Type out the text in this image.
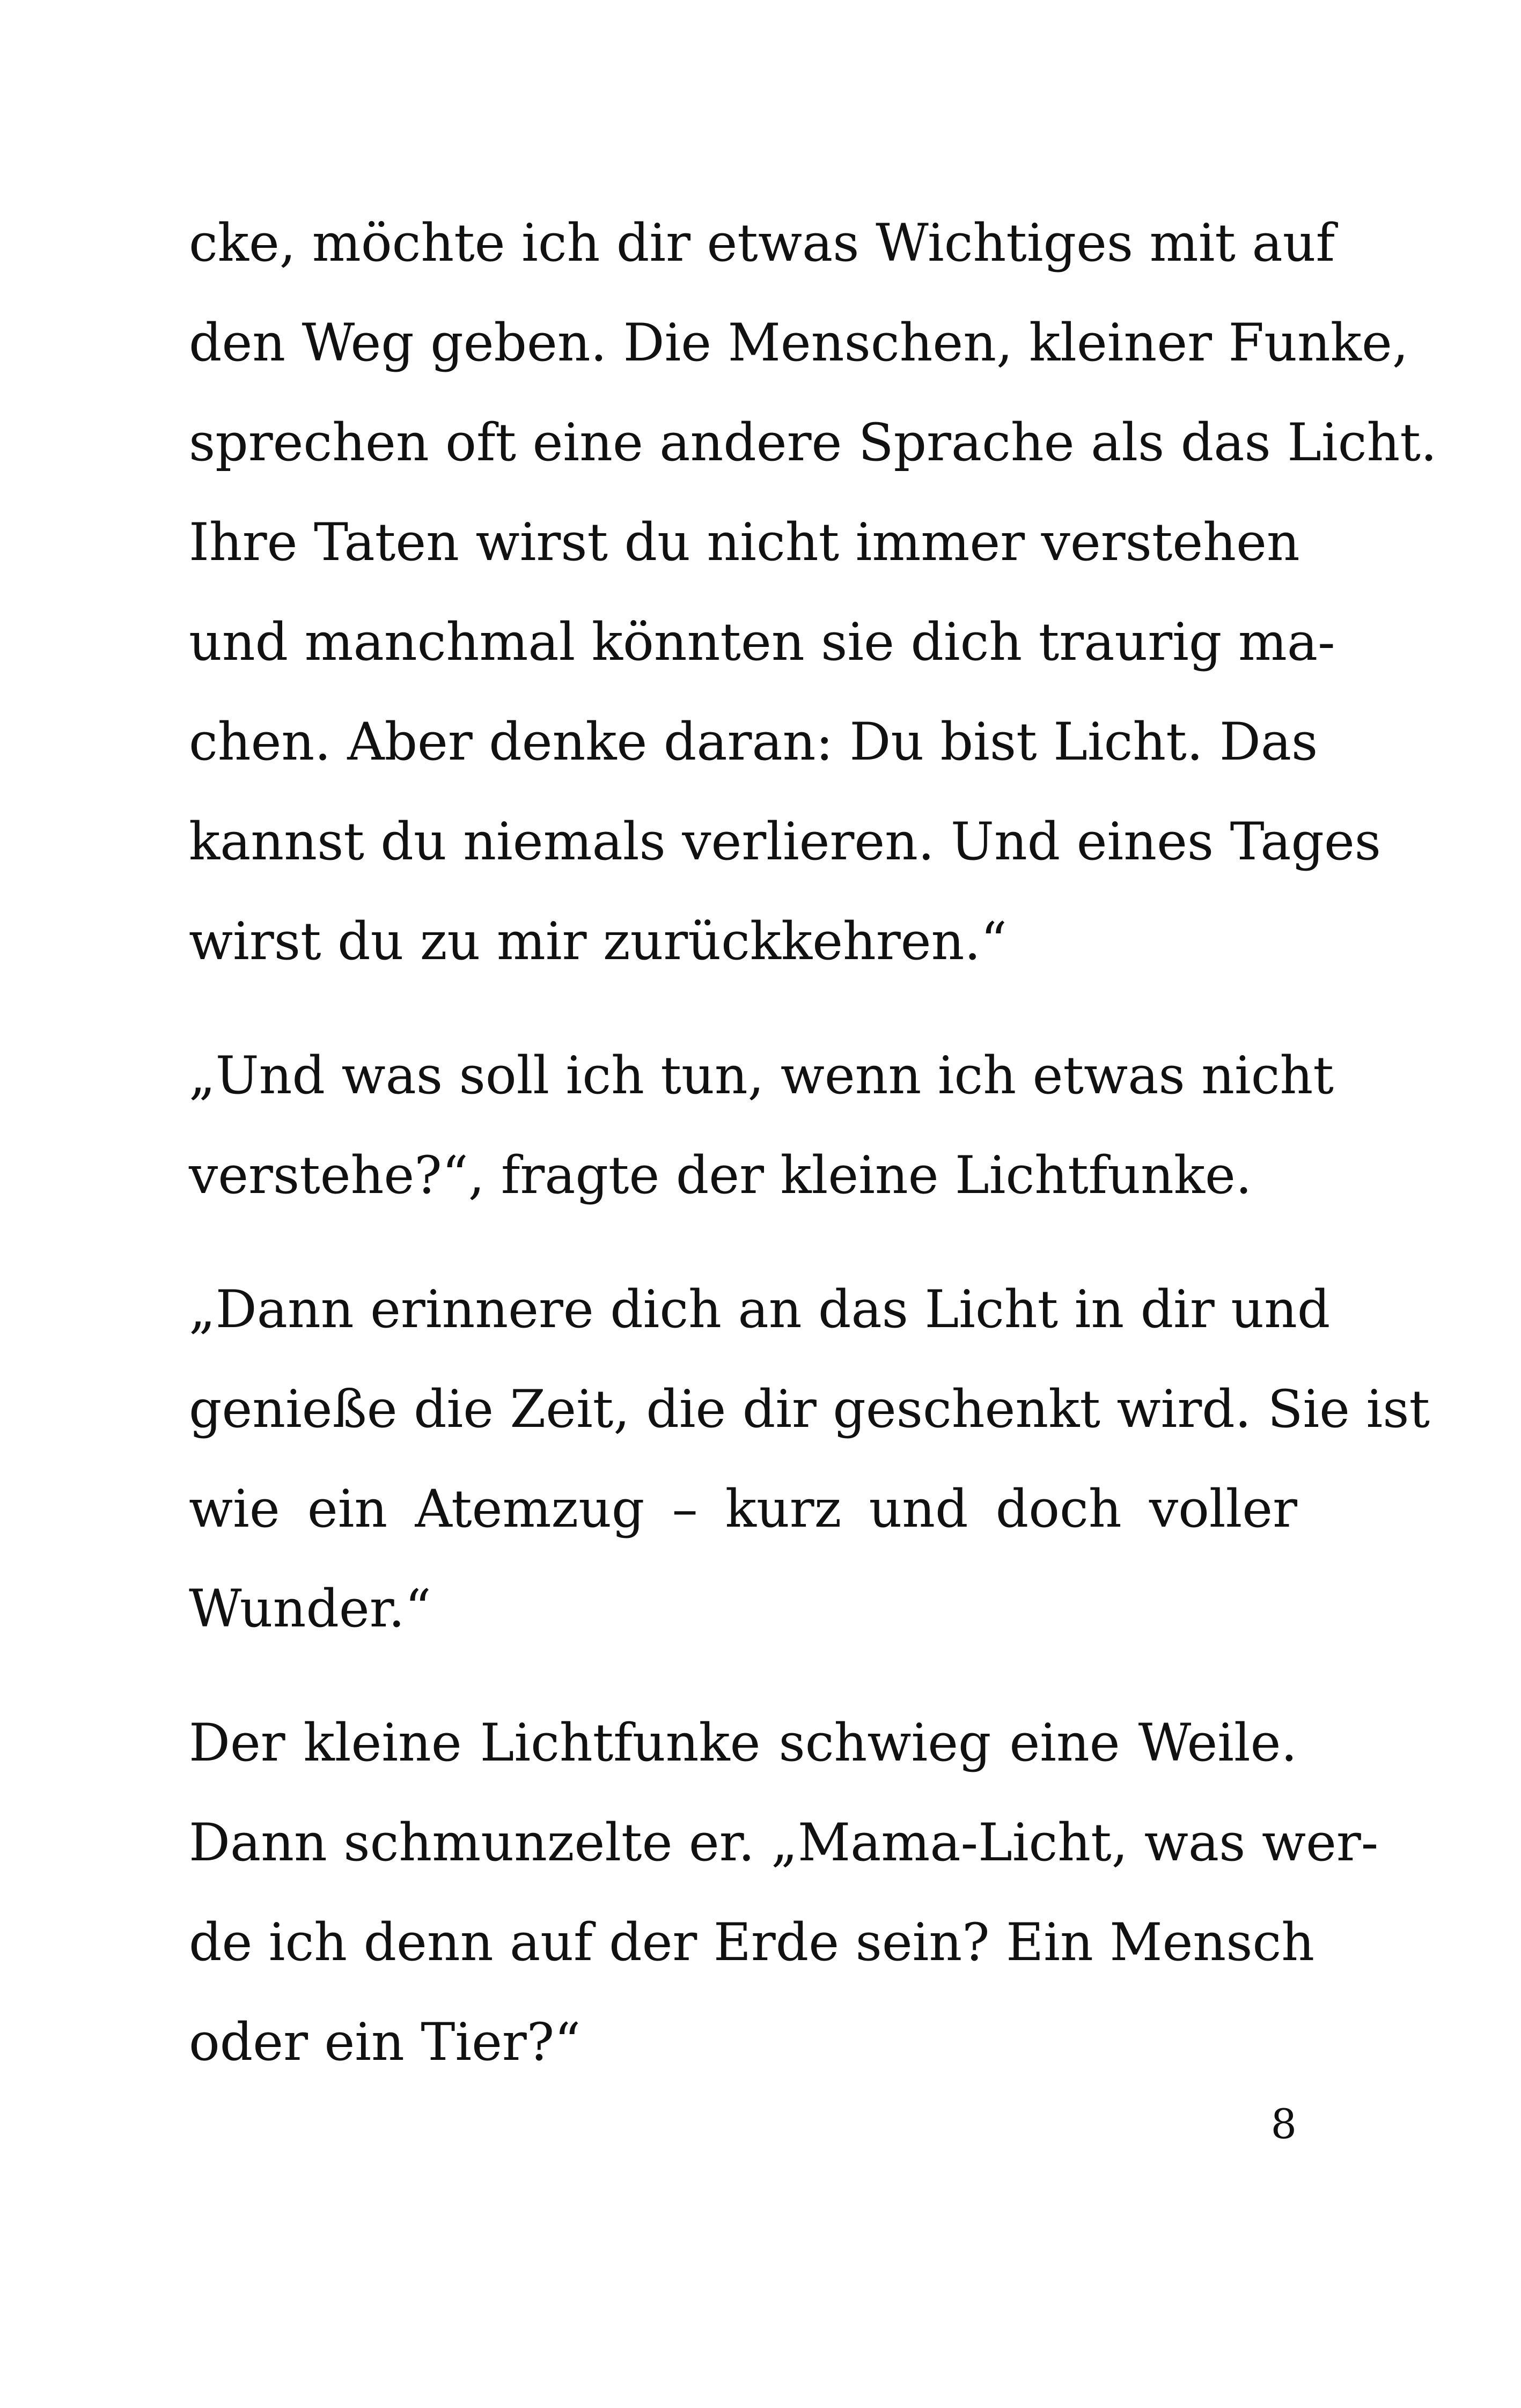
cke, möchte ich dir etwas Wichtiges mit auf
den Weg geben. Die Menschen, kleiner Funke,
sprechen oft eine andere Sprache als das Licht.
Ihre Taten wirst du nicht immer verstehen
und manchmal könnten sie dich traurig ma-
chen. Aber denke daran: Du bist Licht. Das
kannst du niemals verlieren. Und eines Tages
wirst du zu mir zurückkehren.“

„Und was soll ich tun, wenn ich etwas nicht
verstehe?“, fragte der kleine Lichtfunke.

„Dann erinnere dich an das Licht in dir und
genieße die Zeit, die dir geschenkt wird. Sie ist
wie ein Atemzug – kurz und doch voller
Wunder.“

Der kleine Lichtfunke schwieg eine Weile.
Dann schmunzelte er. „Mama-Licht, was wer-
de ich denn auf der Erde sein? Ein Mensch
oder ein Tier?“

8
